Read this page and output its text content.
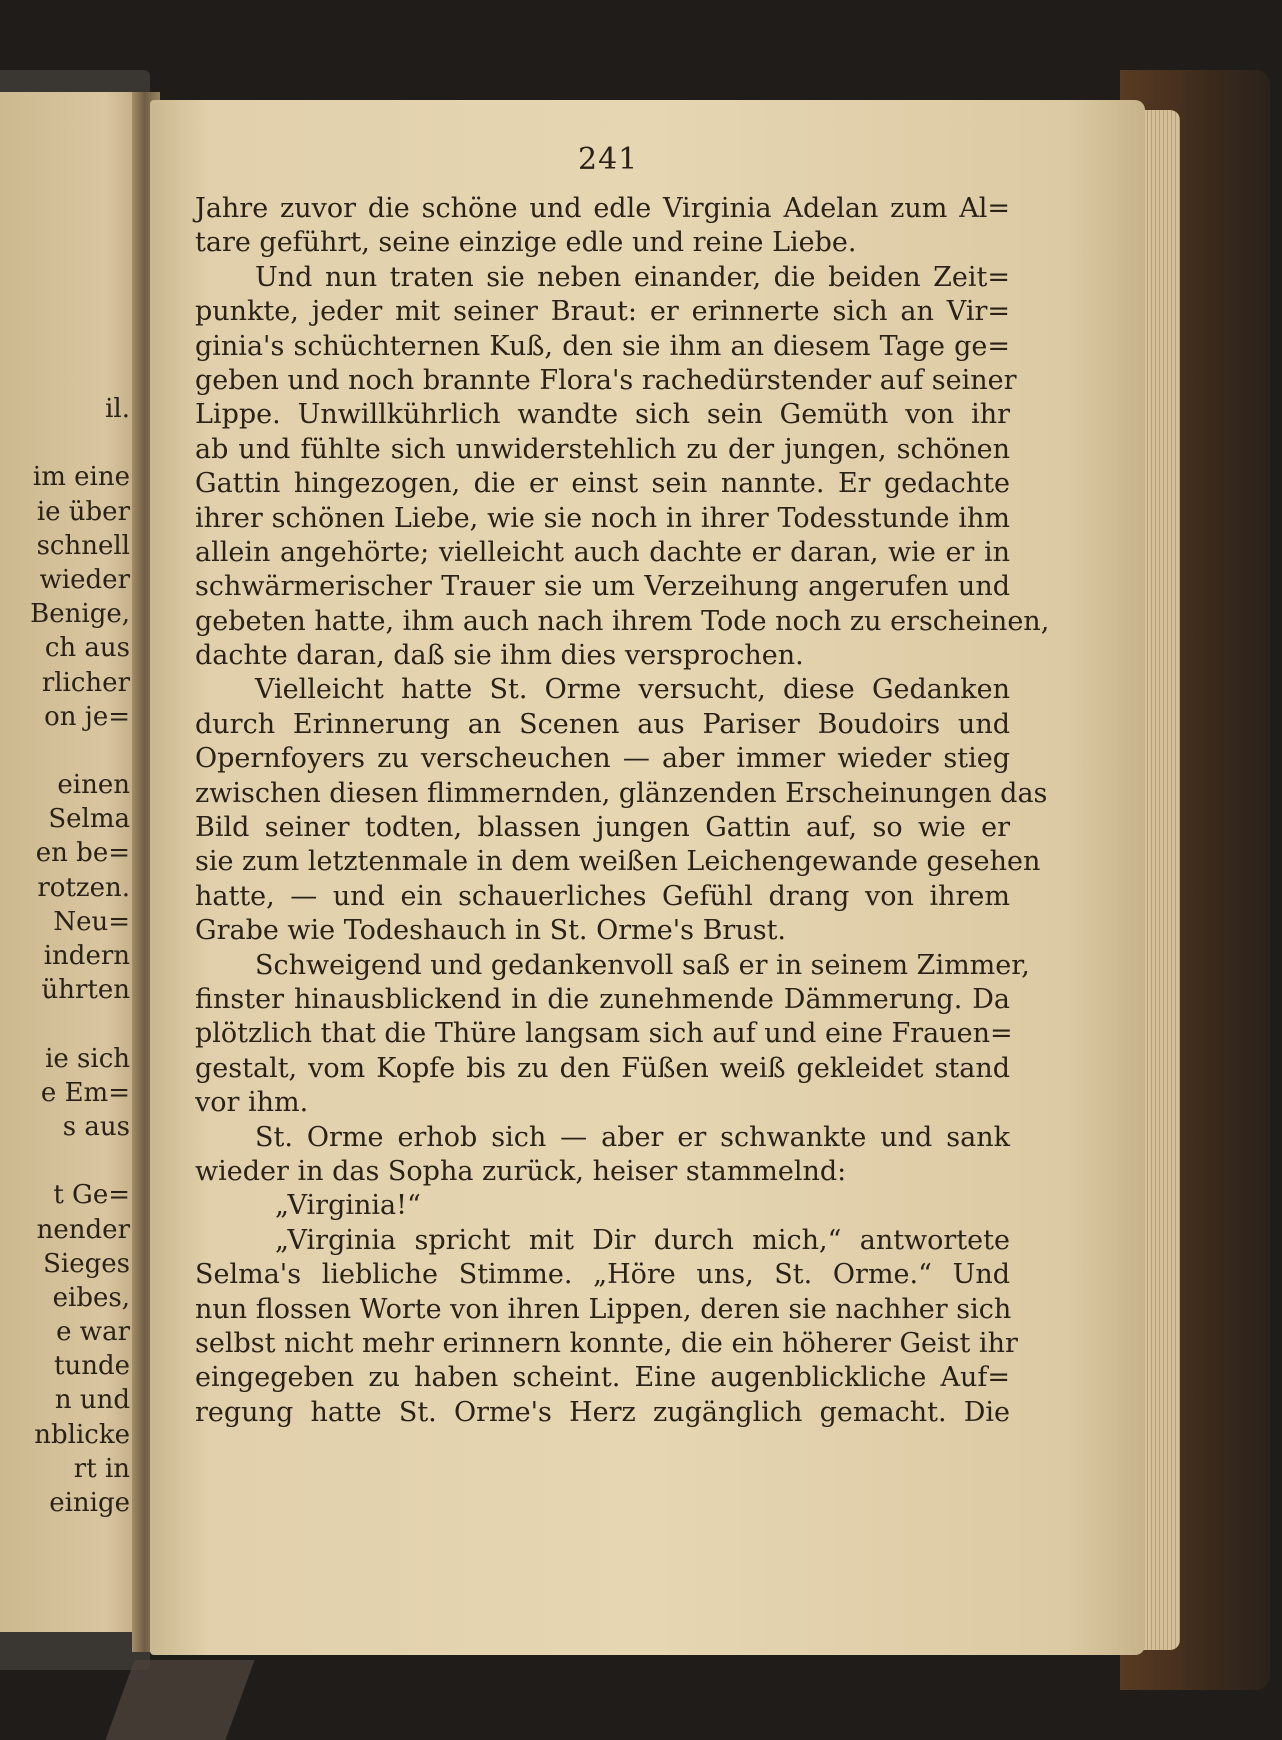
il.
im eine
ie über
schnell
wieder
Benige,
ch aus
rlicher
on je=
einen
Selma
en be=
rotzen.
Neu=
indern
ührten
ie sich
e Em=
s aus
t Ge=
nender
Sieges
eibes,
e war
tunde
n und
nblicke
rt in
einige
241
Jahre zuvor die schöne und edle Virginia Adelan zum Al=
tare geführt, seine einzige edle und reine Liebe.
Und nun traten sie neben einander, die beiden Zeit=
punkte, jeder mit seiner Braut: er erinnerte sich an Vir=
ginia's schüchternen Kuß, den sie ihm an diesem Tage ge=
geben und noch brannte Flora's rachedürstender auf seiner
Lippe. Unwillkührlich wandte sich sein Gemüth von ihr
ab und fühlte sich unwiderstehlich zu der jungen, schönen
Gattin hingezogen, die er einst sein nannte. Er gedachte
ihrer schönen Liebe, wie sie noch in ihrer Todesstunde ihm
allein angehörte; vielleicht auch dachte er daran, wie er in
schwärmerischer Trauer sie um Verzeihung angerufen und
gebeten hatte, ihm auch nach ihrem Tode noch zu erscheinen,
dachte daran, daß sie ihm dies versprochen.
Vielleicht hatte St. Orme versucht, diese Gedanken
durch Erinnerung an Scenen aus Pariser Boudoirs und
Opernfoyers zu verscheuchen — aber immer wieder stieg
zwischen diesen flimmernden, glänzenden Erscheinungen das
Bild seiner todten, blassen jungen Gattin auf, so wie er
sie zum letztenmale in dem weißen Leichengewande gesehen
hatte, — und ein schauerliches Gefühl drang von ihrem
Grabe wie Todeshauch in St. Orme's Brust.
Schweigend und gedankenvoll saß er in seinem Zimmer,
finster hinausblickend in die zunehmende Dämmerung. Da
plötzlich that die Thüre langsam sich auf und eine Frauen=
gestalt, vom Kopfe bis zu den Füßen weiß gekleidet stand
vor ihm.
St. Orme erhob sich — aber er schwankte und sank
wieder in das Sopha zurück, heiser stammelnd:
„Virginia!“
„Virginia spricht mit Dir durch mich,“ antwortete
Selma's liebliche Stimme. „Höre uns, St. Orme.“ Und
nun flossen Worte von ihren Lippen, deren sie nachher sich
selbst nicht mehr erinnern konnte, die ein höherer Geist ihr
eingegeben zu haben scheint. Eine augenblickliche Auf=
regung hatte St. Orme's Herz zugänglich gemacht. Die
